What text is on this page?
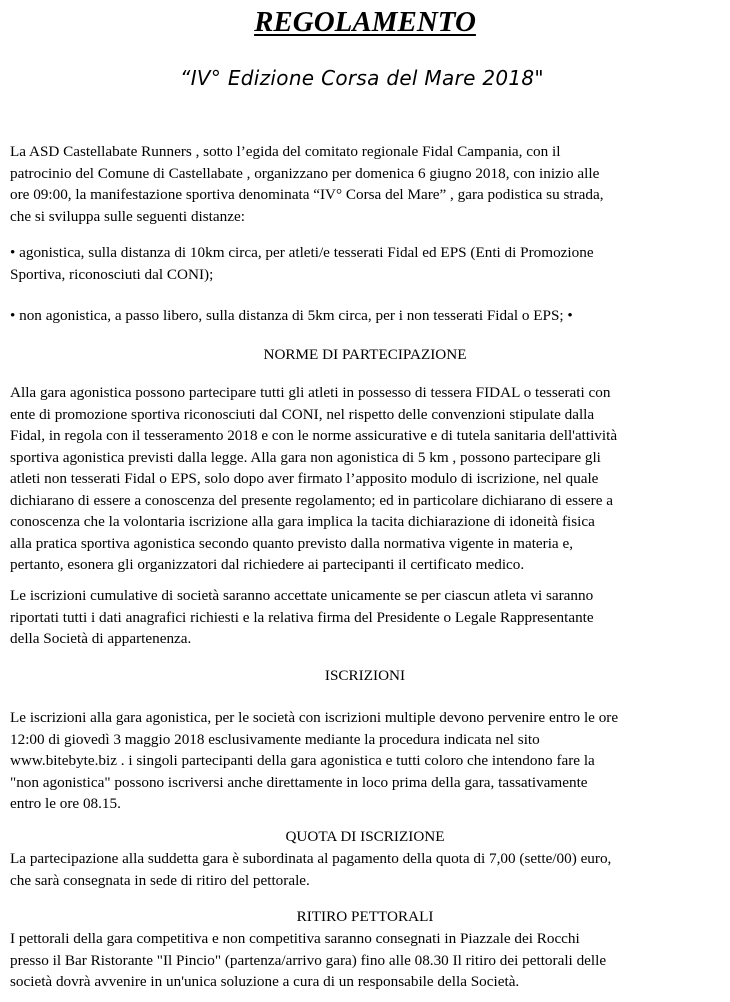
REGOLAMENTO
“IV° Edizione Corsa del Mare 2018"

La ASD Castellabate Runners , sotto l’egida del comitato regionale Fidal Campania, con il
patrocinio del Comune di Castellabate , organizzano per domenica 6 giugno 2018, con inizio alle
ore 09:00, la manifestazione sportiva denominata “IV° Corsa del Mare” , gara podistica su strada,
che si sviluppa sulle seguenti distanze:

• agonistica, sulla distanza di 10km circa, per atleti/e tesserati Fidal ed EPS (Enti di Promozione
Sportiva, riconosciuti dal CONI);

• non agonistica, a passo libero, sulla distanza di 5km circa, per i non tesserati Fidal o EPS; •

NORME DI PARTECIPAZIONE

Alla gara agonistica possono partecipare tutti gli atleti in possesso di tessera FIDAL o tesserati con
ente di promozione sportiva riconosciuti dal CONI, nel rispetto delle convenzioni stipulate dalla
Fidal, in regola con il tesseramento 2018 e con le norme assicurative e di tutela sanitaria dell'attività
sportiva agonistica previsti dalla legge. Alla gara non agonistica di 5 km , possono partecipare gli
atleti non tesserati Fidal o EPS, solo dopo aver firmato l’apposito modulo di iscrizione, nel quale
dichiarano di essere a conoscenza del presente regolamento; ed in particolare dichiarano di essere a
conoscenza che la volontaria iscrizione alla gara implica la tacita dichiarazione di idoneità fisica
alla pratica sportiva agonistica secondo quanto previsto dalla normativa vigente in materia e,
pertanto, esonera gli organizzatori dal richiedere ai partecipanti il certificato medico.

Le iscrizioni cumulative di società saranno accettate unicamente se per ciascun atleta vi saranno
riportati tutti i dati anagrafici richiesti e la relativa firma del Presidente o Legale Rappresentante
della Società di appartenenza.

ISCRIZIONI

Le iscrizioni alla gara agonistica, per le società con iscrizioni multiple devono pervenire entro le ore
12:00 di giovedì 3 maggio 2018 esclusivamente mediante la procedura indicata nel sito
www.bitebyte.biz . i singoli partecipanti della gara agonistica e tutti coloro che intendono fare la
"non agonistica" possono iscriversi anche direttamente in loco prima della gara, tassativamente
entro le ore 08.15.

QUOTA DI ISCRIZIONE

La partecipazione alla suddetta gara è subordinata al pagamento della quota di 7,00 (sette/00) euro,
che sarà consegnata in sede di ritiro del pettorale.

RITIRO PETTORALI

I pettorali della gara competitiva e non competitiva saranno consegnati in Piazzale dei Rocchi
presso il Bar Ristorante "Il Pincio" (partenza/arrivo gara) fino alle 08.30 Il ritiro dei pettorali delle
società dovrà avvenire in un'unica soluzione a cura di un responsabile della Società.
